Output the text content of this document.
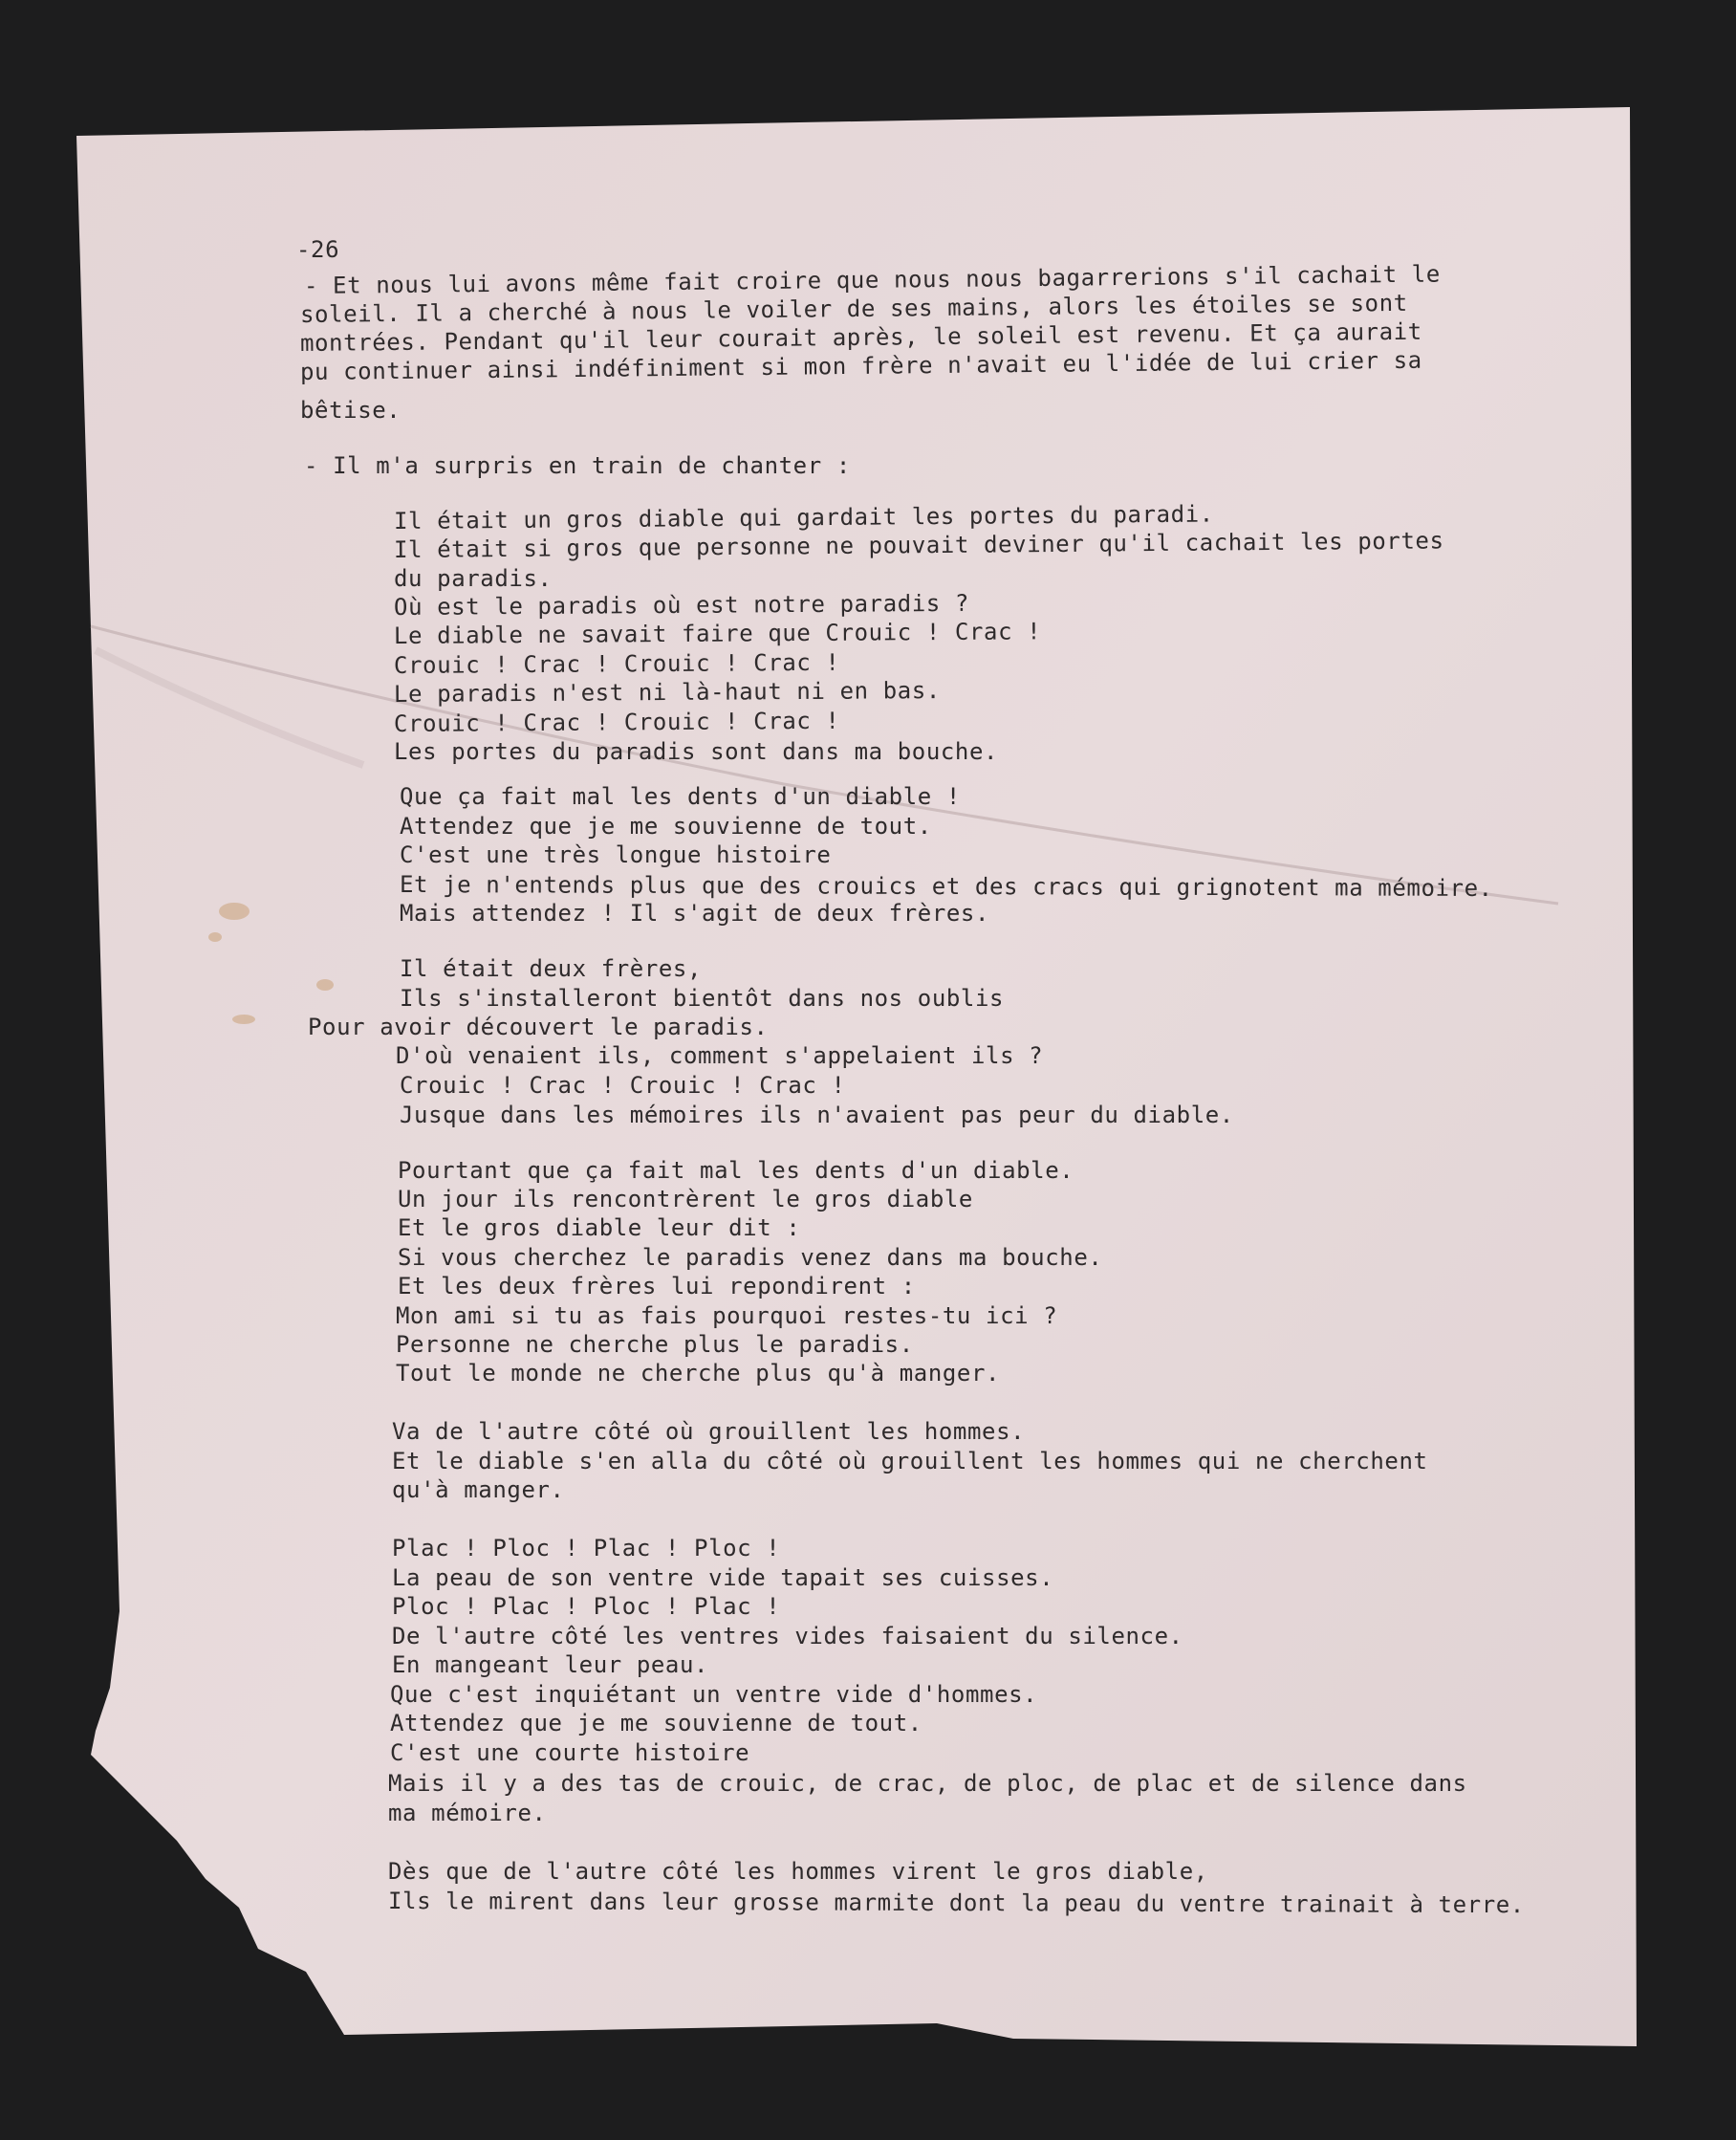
-26
- Et nous lui avons même fait croire que nous nous bagarrerions s'il cachait le
soleil. Il a cherché à nous le voiler de ses mains, alors les étoiles se sont
montrées. Pendant qu'il leur courait après, le soleil est revenu. Et ça aurait
pu continuer ainsi indéfiniment si mon frère n'avait eu l'idée de lui crier sa
bêtise.
- Il m'a surpris en train de chanter :
Il était un gros diable qui gardait les portes du paradi.
Il était si gros que personne ne pouvait deviner qu'il cachait les portes
du paradis.
Où est le paradis où est notre paradis ?
Le diable ne savait faire que Crouic ! Crac !
Crouic ! Crac ! Crouic ! Crac !
Le paradis n'est ni là-haut ni en bas.
Crouic ! Crac ! Crouic ! Crac !
Les portes du paradis sont dans ma bouche.
Que ça fait mal les dents d'un diable !
Attendez que je me souvienne de tout.
C'est une très longue histoire
Et je n'entends plus que des crouics et des cracs qui grignotent ma mémoire.
Mais attendez ! Il s'agit de deux frères.
Il était deux frères,
Ils s'installeront bientôt dans nos oublis
Pour avoir découvert le paradis.
D'où venaient ils, comment s'appelaient ils ?
Crouic ! Crac ! Crouic ! Crac !
Jusque dans les mémoires ils n'avaient pas peur du diable.
Pourtant que ça fait mal les dents d'un diable.
Un jour ils rencontrèrent le gros diable
Et le gros diable leur dit :
Si vous cherchez le paradis venez dans ma bouche.
Et les deux frères lui repondirent :
Mon ami si tu as fais pourquoi restes-tu ici ?
Personne ne cherche plus le paradis.
Tout le monde ne cherche plus qu'à manger.
Va de l'autre côté où grouillent les hommes.
Et le diable s'en alla du côté où grouillent les hommes qui ne cherchent
qu'à manger.
Plac ! Ploc ! Plac ! Ploc !
La peau de son ventre vide tapait ses cuisses.
Ploc ! Plac ! Ploc ! Plac !
De l'autre côté les ventres vides faisaient du silence.
En mangeant leur peau.
Que c'est inquiétant un ventre vide d'hommes.
Attendez que je me souvienne de tout.
C'est une courte histoire
Mais il y a des tas de crouic, de crac, de ploc, de plac et de silence dans
ma mémoire.
Dès que de l'autre côté les hommes virent le gros diable,
Ils le mirent dans leur grosse marmite dont la peau du ventre trainait à terre.
